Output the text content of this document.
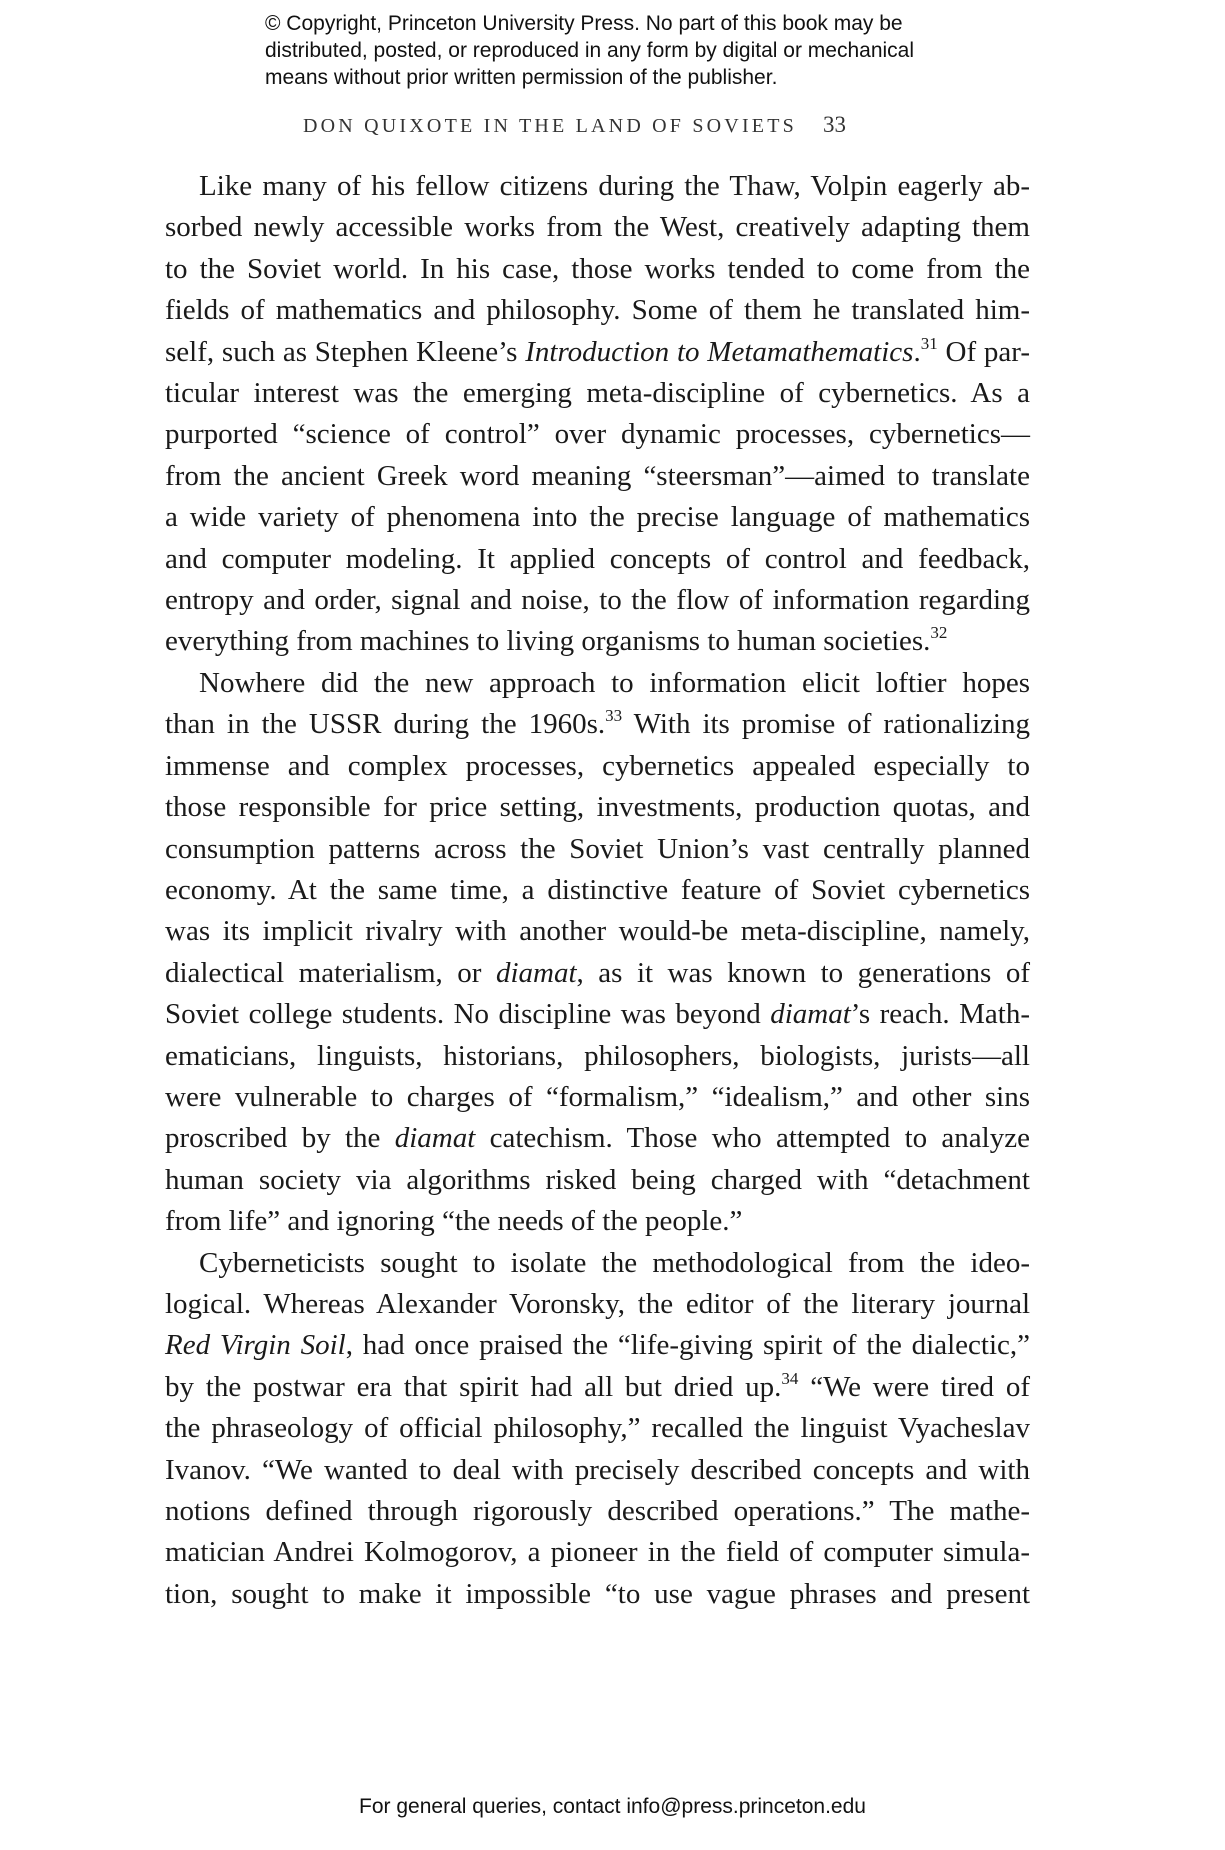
© Copyright, Princeton University Press. No part of this book may be
distributed, posted, or reproduced in any form by digital or mechanical
means without prior written permission of the publisher.
DON QUIXOTE IN THE LAND OF SOVIETS 33
Like many of his fellow citizens during the Thaw, Volpin eagerly ab-
sorbed newly accessible works from the West, creatively adapting them
to the Soviet world. In his case, those works tended to come from the
fields of mathematics and philosophy. Some of them he translated him-
self, such as Stephen Kleene’s Introduction to Metamathematics.$^{31}$ Of par-
ticular interest was the emerging meta-discipline of cybernetics. As a
purported “science of control” over dynamic processes, cybernetics—
from the ancient Greek word meaning “steersman”—aimed to translate
a wide variety of phenomena into the precise language of mathematics
and computer modeling. It applied concepts of control and feedback,
entropy and order, signal and noise, to the flow of information regarding
everything from machines to living organisms to human societies.$^{32}$
Nowhere did the new approach to information elicit loftier hopes
than in the USSR during the 1960s.$^{33}$ With its promise of rationalizing
immense and complex processes, cybernetics appealed especially to
those responsible for price setting, investments, production quotas, and
consumption patterns across the Soviet Union’s vast centrally planned
economy. At the same time, a distinctive feature of Soviet cybernetics
was its implicit rivalry with another would-be meta-discipline, namely,
dialectical materialism, or diamat, as it was known to generations of
Soviet college students. No discipline was beyond diamat’s reach. Math-
ematicians, linguists, historians, philosophers, biologists, jurists—all
were vulnerable to charges of “formalism,” “idealism,” and other sins
proscribed by the diamat catechism. Those who attempted to analyze
human society via algorithms risked being charged with “detachment
from life” and ignoring “the needs of the people.”
Cyberneticists sought to isolate the methodological from the ideo-
logical. Whereas Alexander Voronsky, the editor of the literary journal
Red Virgin Soil, had once praised the “life-giving spirit of the dialectic,”
by the postwar era that spirit had all but dried up.$^{34}$ “We were tired of
the phraseology of official philosophy,” recalled the linguist Vyacheslav
Ivanov. “We wanted to deal with precisely described concepts and with
notions defined through rigorously described operations.” The mathe-
matician Andrei Kolmogorov, a pioneer in the field of computer simula-
tion, sought to make it impossible “to use vague phrases and present
For general queries, contact info@press.princeton.edu
